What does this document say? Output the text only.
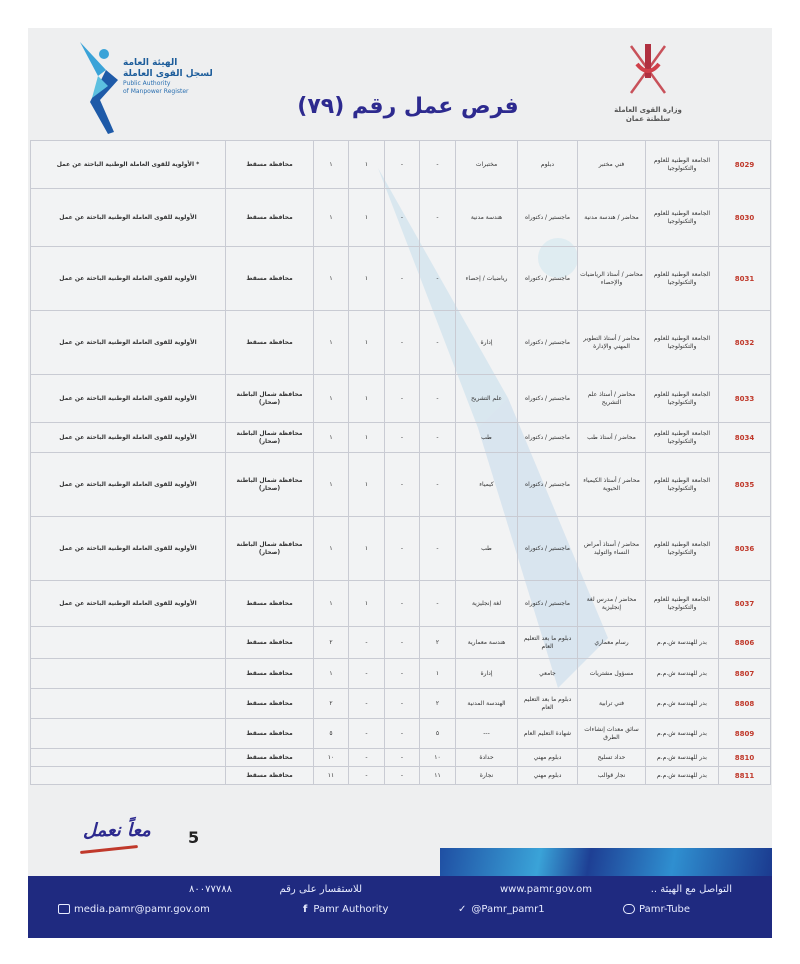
الهيئة العامة
لسجل القوى العاملة
Public Authority
of Manpower Register
فرص عمل رقم (٧٩)	وزارة القوى العاملة
سلطنة عمان
8029	الجامعة الوطنية للعلوم والتكنولوجيا	فني مختبر	دبلوم	مختبرات	-	-	١	١	محافظة مسقط	* الأولوية للقوى العاملة الوطنية الباحثة عن عمل
8030	الجامعة الوطنية للعلوم والتكنولوجيا	محاضر / هندسة مدنية	ماجستير / دكتوراه	هندسة مدنية	-	-	١	١	محافظة مسقط	الأولوية للقوى العاملة الوطنية الباحثة عن عمل
8031	الجامعة الوطنية للعلوم والتكنولوجيا	محاضر / أستاذ الرياضيات والإحصاء	ماجستير / دكتوراه	رياضيات / إحصاء	-	-	١	١	محافظة مسقط	الأولوية للقوى العاملة الوطنية الباحثة عن عمل
8032	الجامعة الوطنية للعلوم والتكنولوجيا	محاضر / أستاذ التطوير المهني والإدارة	ماجستير / دكتوراه	إدارة	-	-	١	١	محافظة مسقط	الأولوية للقوى العاملة الوطنية الباحثة عن عمل
8033	الجامعة الوطنية للعلوم والتكنولوجيا	محاضر / أستاذ علم التشريح	ماجستير / دكتوراه	علم التشريح	-	-	١	١	محافظة شمال الباطنة (صحار)	الأولوية للقوى العاملة الوطنية الباحثة عن عمل
8034	الجامعة الوطنية للعلوم والتكنولوجيا	محاضر / أستاذ طب	ماجستير / دكتوراه	طب	-	-	١	١	محافظة شمال الباطنة (صحار)	الأولوية للقوى العاملة الوطنية الباحثة عن عمل
8035	الجامعة الوطنية للعلوم والتكنولوجيا	محاضر / أستاذ الكيمياء الحيوية	ماجستير / دكتوراه	كيمياء	-	-	١	١	محافظة شمال الباطنة (صحار)	الأولوية للقوى العاملة الوطنية الباحثة عن عمل
8036	الجامعة الوطنية للعلوم والتكنولوجيا	محاضر / أستاذ أمراض النساء والتوليد	ماجستير / دكتوراه	طب	-	-	١	١	محافظة شمال الباطنة (صحار)	الأولوية للقوى العاملة الوطنية الباحثة عن عمل
8037	الجامعة الوطنية للعلوم والتكنولوجيا	محاضر / مدرس لغة إنجليزية	ماجستير / دكتوراه	لغة إنجليزية	-	-	١	١	محافظة مسقط	الأولوية للقوى العاملة الوطنية الباحثة عن عمل
8806	بدر للهندسة ش.م.م	رسام معماري	دبلوم ما بعد التعليم العام	هندسة معمارية	٢	-	-	٢	محافظة مسقط	
8807	بدر للهندسة ش.م.م	مسؤول مشتريات	جامعي	إدارة	١	-	-	١	محافظة مسقط	
8808	بدر للهندسة ش.م.م	فني ترابية	دبلوم ما بعد التعليم العام	الهندسة المدنية	٢	-	-	٢	محافظة مسقط	
8809	بدر للهندسة ش.م.م	سائق معدات إنشاءات الطرق	شهادة التعليم العام	---	٥	-	-	٥	محافظة مسقط	
8810	بدر للهندسة ش.م.م	حداد تسليح	دبلوم مهني	حدادة	١٠	-	-	١٠	محافظة مسقط	
8811	بدر للهندسة ش.م.م	نجار قوالب	دبلوم مهني	نجارة	١١	-	-	١١	محافظة مسقط	
معاً نعمل 5
التواصل مع الهيئة ..
www.pamr.gov.om
للاستفسار على رقم
٨٠٠٧٧٧٨٨
media.pamr@pamr.gov.om	f Pamr Authority	✓ @Pamr_pamr1	Pamr-Tube
